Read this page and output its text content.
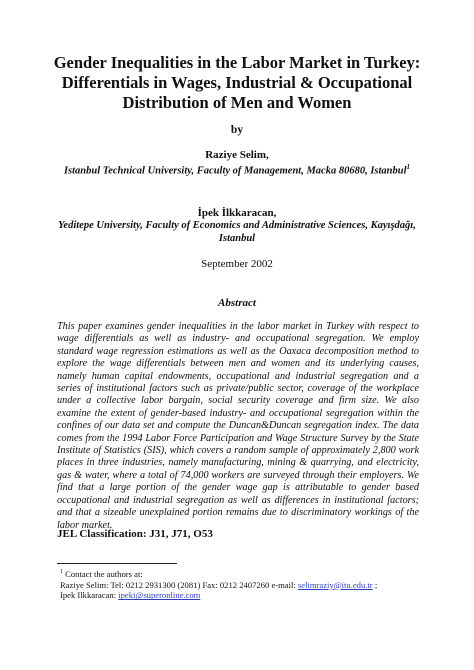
Gender Inequalities in the Labor Market in Turkey:
Differentials in Wages, Industrial & Occupational
Distribution of Men and Women
by
Raziye Selim,
Istanbul Technical University, Faculty of Management, Macka 80680, Istanbul$^1$
İpek İlkkaracan,
Yeditepe University, Faculty of Economics and Administrative Sciences, Kayışdağı,
Istanbul
September 2002
Abstract

This paper examines gender inequalities in the labor market in Turkey with respect to wage differentials as well as industry- and occupational segregation. We employ standard wage regression estimations as well as the Oaxaca decomposition method to explore the wage differentials between men and women and its underlying causes, namely human capital endowments, occupational and industrial segregation and a series of institutional factors such as private/public sector, coverage of the workplace under a collective labor bargain, social security coverage and firm size. We also examine the extent of gender-based industry- and occupational segregation within the confines of our data set and compute the Duncan&Duncan segregation index. The data comes from the 1994 Labor Force Participation and Wage Structure Survey by the State Institute of Statistics (SIS), which covers a random sample of approximately 2,800 work places in three industries, namely manufacturing, mining & quarrying, and electricity, gas & water, where a total of 74,000 workers are surveyed through their employers. We find that a large portion of the gender wage gap is attributable to gender based occupational and industrial segregation as well as differences in institutional factors; and that a sizeable unexplained portion remains due to discriminatory workings of the labor market.

JEL Classification: J31, J71, O53
$^1$ Contact the authors at:
Raziye Selim: Tel: 0212 2931300 (2081) Fax: 0212 2407260 e-mail: selimraziy@itu.edu.tr ;
Ipek Ilkkaracan: ipeki@superonline.com
